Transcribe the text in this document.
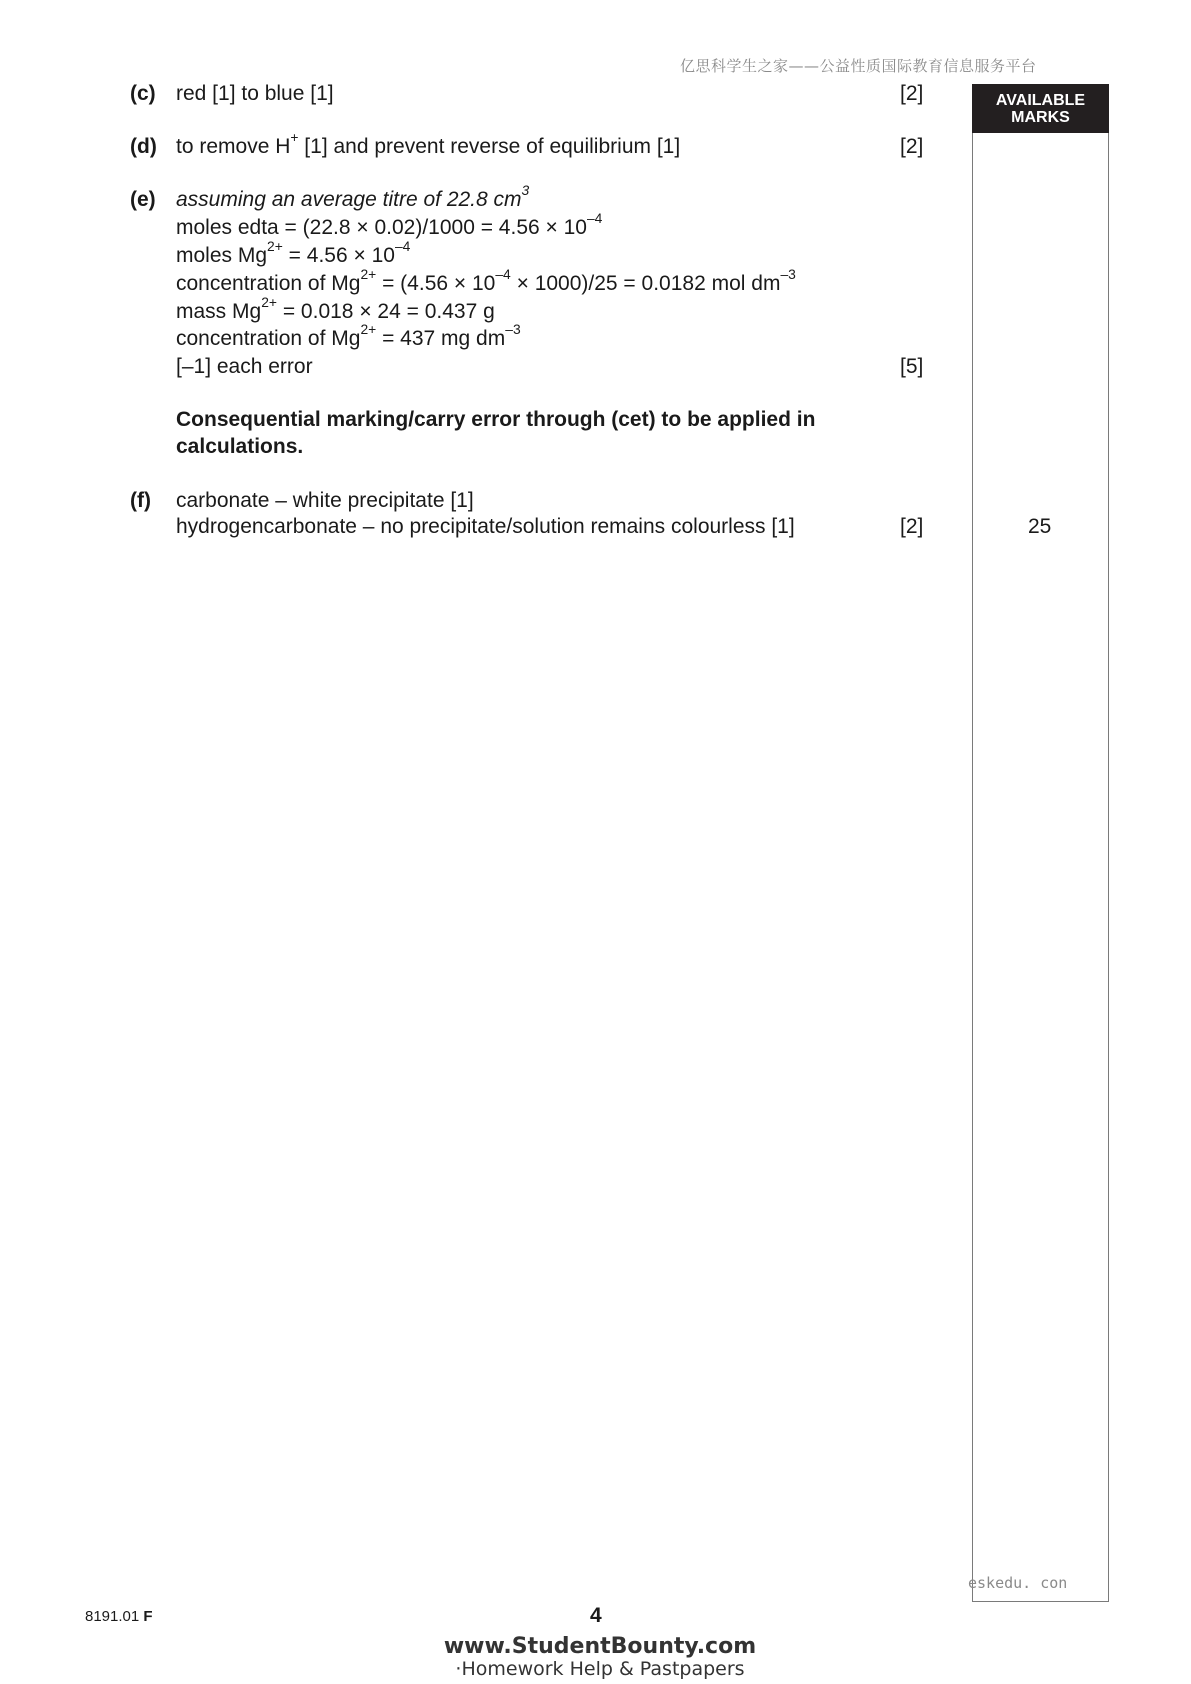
亿思科学生之家——公益性质国际教育信息服务平台
AVAILABLE
MARKS
(c) red [1] to blue [1]	[2]
(d) to remove H+ [1] and prevent reverse of equilibrium [1]	[2]
(e) assuming an average titre of 22.8 $cm^3$
moles edta = $(22.8 \times 0.02)/1000 = 4.56 \times 10^{-4}$
moles $Mg^{2+} = 4.56 \times 10^{-4}$
concentration of $Mg^{2+} = (4.56 \times 10^{-4} \times 1000)/25 = 0.0182$ mol $dm^{-3}$
mass $Mg^{2+} = 0.018 \times 24 = 0.437$ g
concentration of $Mg^{2+} = 437$ mg $dm^{-3}$
[–1] each error	[5]
Consequential marking/carry error through (cet) to be applied in
calculations.
(f) carbonate – white precipitate [1]
hydrogencarbonate – no precipitate/solution remains colourless [1]	[2]	25
eskedu. con
8191.01 F	4
www.StudentBounty.com
·Homework Help & Pastpapers
